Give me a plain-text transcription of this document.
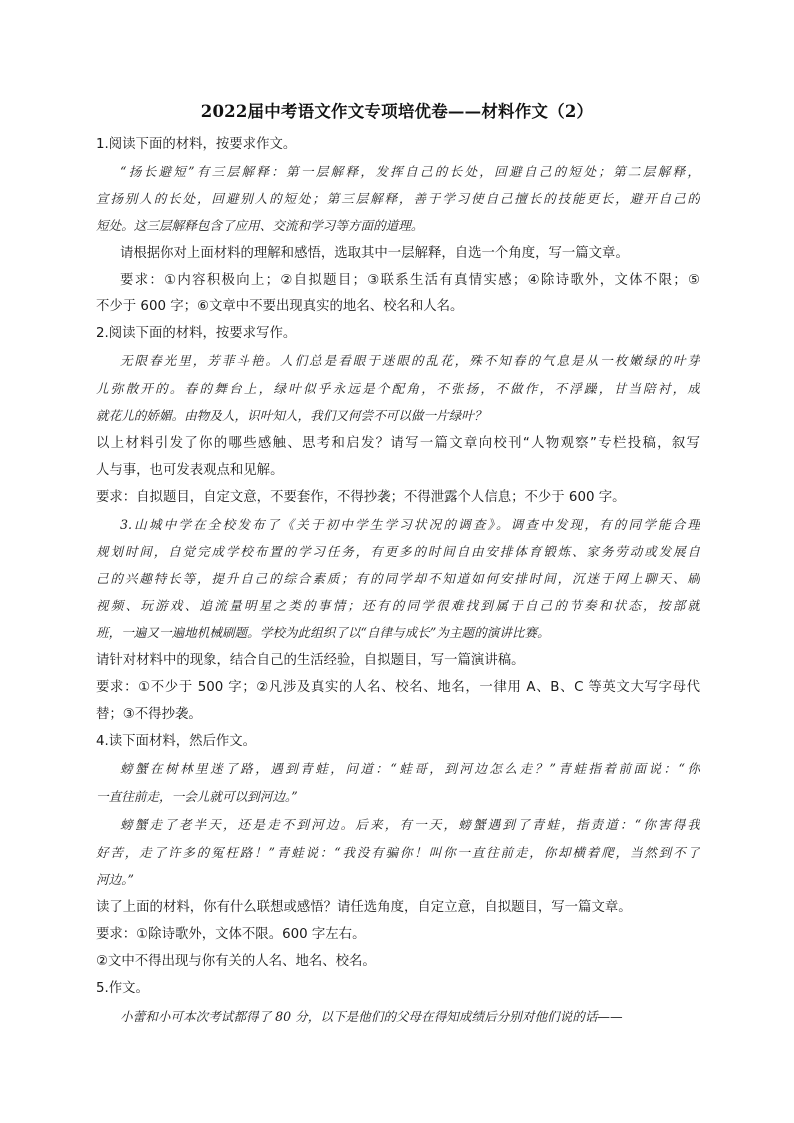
2022届中考语文作文专项培优卷——材料作文（2）
1.阅读下面的材料，按要求作文。
“扬长避短”有三层解释：第一层解释，发挥自己的长处，回避自己的短处；第二层解释，
宣扬别人的长处，回避别人的短处；第三层解释，善于学习使自己擅长的技能更长，避开自己的
短处。这三层解释包含了应用、交流和学习等方面的道理。
请根据你对上面材料的理解和感悟，选取其中一层解释，自选一个角度，写一篇文章。
要求：①内容积极向上；②自拟题目；③联系生活有真情实感；④除诗歌外，文体不限；⑤
不少于 600 字；⑥文章中不要出现真实的地名、校名和人名。
2.阅读下面的材料，按要求写作。
无限春光里，芳菲斗艳。人们总是看眼于迷眼的乱花，殊不知春的气息是从一枚嫩绿的叶芽
儿弥散开的。春的舞台上，绿叶似乎永远是个配角，不张扬，不做作，不浮躁，甘当陪衬，成
就花儿的娇媚。由物及人，识叶知人，我们又何尝不可以做一片绿叶？
以上材料引发了你的哪些感触、思考和启发？请写一篇文章向校刊“人物观察”专栏投稿，叙写
人与事，也可发表观点和见解。
要求：自拟题目，自定文意，不要套作，不得抄袭；不得泄露个人信息；不少于 600 字。
3.山城中学在全校发布了《关于初中学生学习状况的调查》。调查中发现，有的同学能合理
规划时间，自觉完成学校布置的学习任务，有更多的时间自由安排体育锻炼、家务劳动或发展自
己的兴趣特长等，提升自己的综合素质；有的同学却不知道如何安排时间，沉迷于网上聊天、刷
视频、玩游戏、追流量明星之类的事情；还有的同学很难找到属于自己的节奏和状态，按部就
班，一遍又一遍地机械刷题。学校为此组织了以“自律与成长”为主题的演讲比赛。
请针对材料中的现象，结合自己的生活经验，自拟题目，写一篇演讲稿。
要求：①不少于 500 字；②凡涉及真实的人名、校名、地名，一律用 A、B、C 等英文大写字母代
替；③不得抄袭。
4.读下面材料，然后作文。
螃蟹在树林里迷了路，遇到青蛙，问道：“蛙哥，到河边怎么走？”青蛙指着前面说：“你
一直往前走，一会儿就可以到河边。”
螃蟹走了老半天，还是走不到河边。后来，有一天，螃蟹遇到了青蛙，指责道：“你害得我
好苦，走了许多的冤枉路！”青蛙说：“我没有骗你！叫你一直往前走，你却横着爬，当然到不了
河边。”
读了上面的材料，你有什么联想或感悟？请任选角度，自定立意，自拟题目，写一篇文章。
要求：①除诗歌外，文体不限。600 字左右。
②文中不得出现与你有关的人名、地名、校名。
5.作文。
小蕾和小可本次考试都得了 80 分，以下是他们的父母在得知成绩后分别对他们说的话——
